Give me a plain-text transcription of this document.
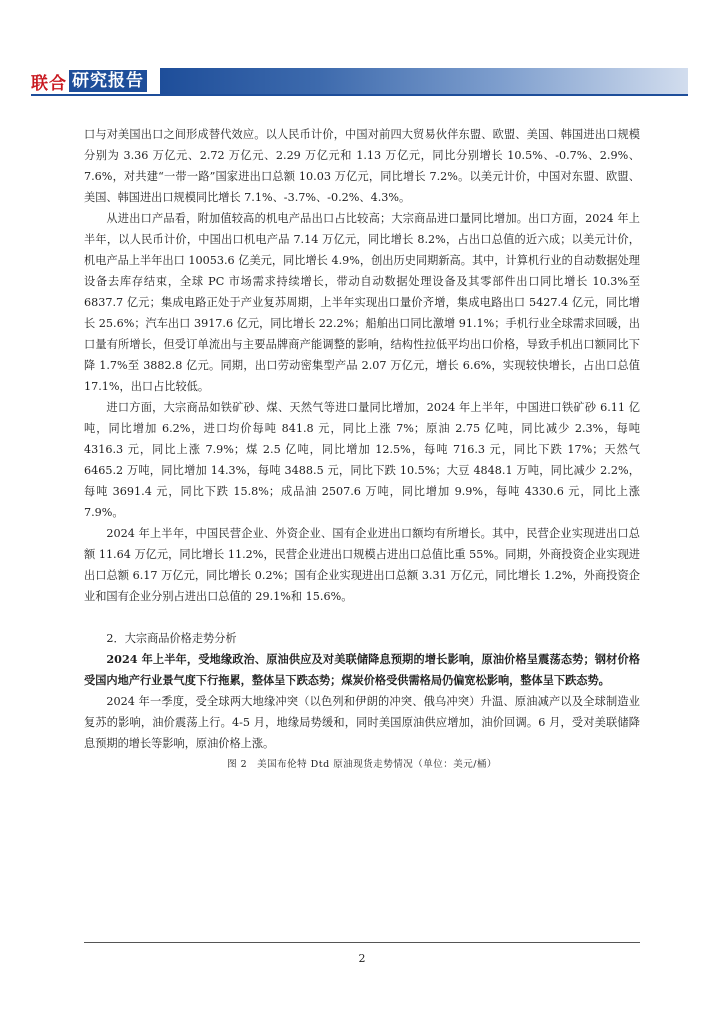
联合 研究报告

口与对美国出口之间形成替代效应。以人民币计价，中国对前四大贸易伙伴东盟、欧盟、美国、韩国进出口规模分别为 3.36 万亿元、2.72 万亿元、2.29 万亿元和 1.13 万亿元，同比分别增长 10.5%、-0.7%、2.9%、7.6%，对共建“一带一路”国家进出口总额 10.03 万亿元，同比增长 7.2%。以美元计价，中国对东盟、欧盟、美国、韩国进出口规模同比增长 7.1%、-3.7%、-0.2%、4.3%。

从进出口产品看，附加值较高的机电产品出口占比较高；大宗商品进口量同比增加。出口方面，2024 年上半年，以人民币计价，中国出口机电产品 7.14 万亿元，同比增长 8.2%，占出口总值的近六成；以美元计价，机电产品上半年出口 10053.6 亿美元，同比增长 4.9%，创出历史同期新高。其中，计算机行业的自动数据处理设备去库存结束，全球 PC 市场需求持续增长，带动自动数据处理设备及其零部件出口同比增长 10.3%至 6837.7 亿元；集成电路正处于产业复苏周期，上半年实现出口量价齐增，集成电路出口 5427.4 亿元，同比增长 25.6%；汽车出口 3917.6 亿元，同比增长 22.2%；船舶出口同比激增 91.1%；手机行业全球需求回暖，出口量有所增长，但受订单流出与主要品牌商产能调整的影响，结构性拉低平均出口价格，导致手机出口额同比下降 1.7%至 3882.8 亿元。同期，出口劳动密集型产品 2.07 万亿元，增长 6.6%，实现较快增长，占出口总值 17.1%，出口占比较低。

进口方面，大宗商品如铁矿砂、煤、天然气等进口量同比增加，2024 年上半年，中国进口铁矿砂 6.11 亿吨，同比增加 6.2%，进口均价每吨 841.8 元，同比上涨 7%；原油 2.75 亿吨，同比减少 2.3%，每吨 4316.3 元，同比上涨 7.9%；煤 2.5 亿吨，同比增加 12.5%，每吨 716.3 元，同比下跌 17%；天然气 6465.2 万吨，同比增加 14.3%，每吨 3488.5 元，同比下跌 10.5%；大豆 4848.1 万吨，同比减少 2.2%，每吨 3691.4 元，同比下跌 15.8%；成品油 2507.6 万吨，同比增加 9.9%，每吨 4330.6 元，同比上涨 7.9%。

2024 年上半年，中国民营企业、外资企业、国有企业进出口额均有所增长。其中，民营企业实现进出口总额 11.64 万亿元，同比增长 11.2%，民营企业进出口规模占进出口总值比重 55%。同期，外商投资企业实现进出口总额 6.17 万亿元，同比增长 0.2%；国有企业实现进出口总额 3.31 万亿元，同比增长 1.2%，外商投资企业和国有企业分别占进出口总值的 29.1%和 15.6%。

2．大宗商品价格走势分析

2024 年上半年，受地缘政治、原油供应及对美联储降息预期的增长影响，原油价格呈震荡态势；钢材价格受国内地产行业景气度下行拖累，整体呈下跌态势；煤炭价格受供需格局仍偏宽松影响，整体呈下跌态势。

2024 年一季度，受全球两大地缘冲突（以色列和伊朗的冲突、俄乌冲突）升温、原油减产以及全球制造业复苏的影响，油价震荡上行。4-5 月，地缘局势缓和，同时美国原油供应增加，油价回调。6 月，受对美联储降息预期的增长等影响，原油价格上涨。

图 2　美国布伦特 Dtd 原油现货走势情况（单位：美元/桶）

2
